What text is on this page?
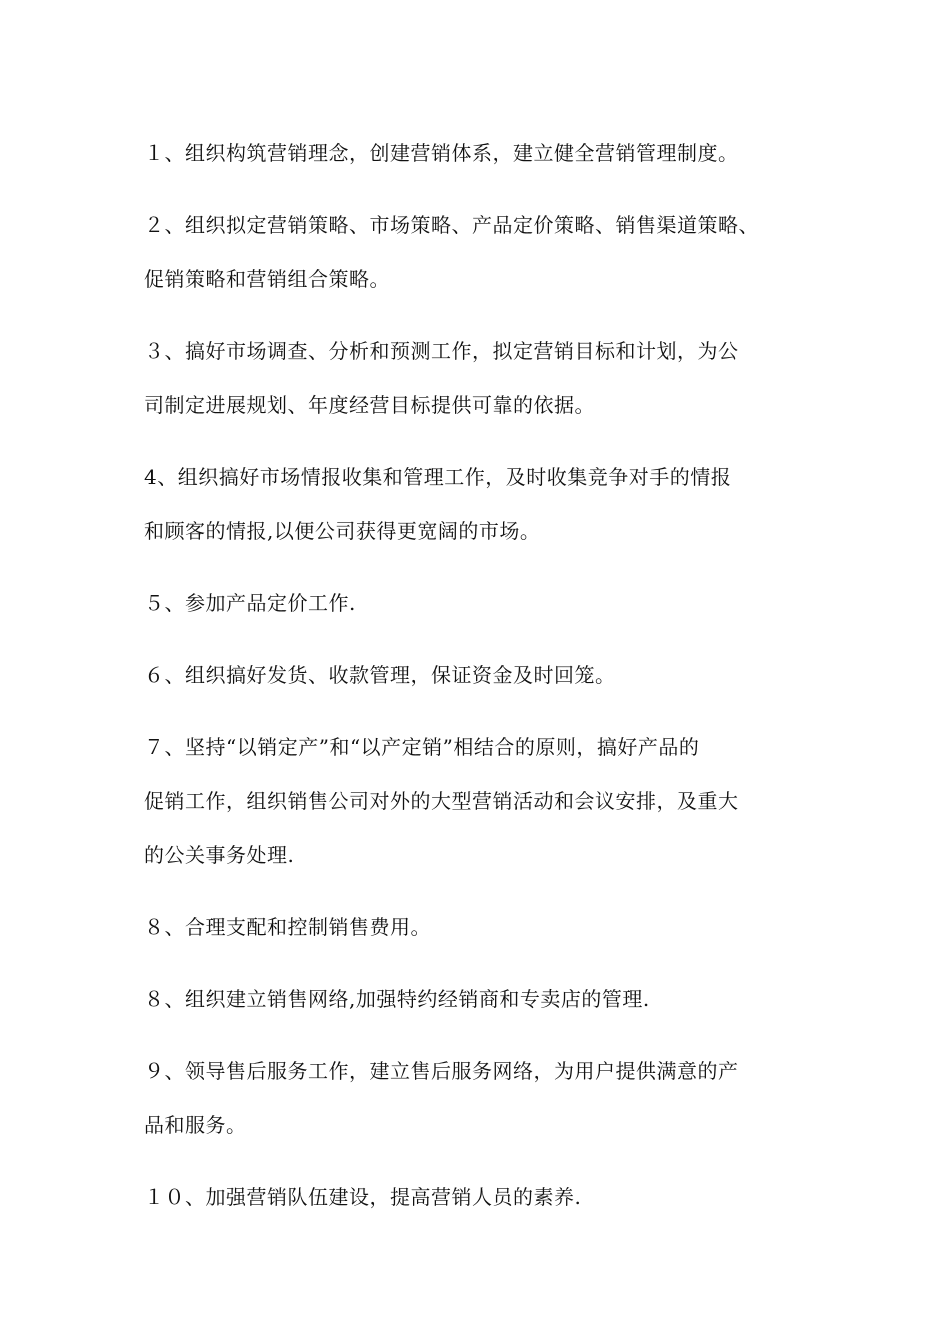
１、组织构筑营销理念，创建营销体系，建立健全营销管理制度。

２、组织拟定营销策略、市场策略、产品定价策略、销售渠道策略、
促销策略和营销组合策略。

３、搞好市场调查、分析和预测工作，拟定营销目标和计划，为公
司制定进展规划、年度经营目标提供可靠的依据。

4、组织搞好市场情报收集和管理工作，及时收集竞争对手的情报
和顾客的情报,以便公司获得更宽阔的市场。

５、参加产品定价工作.

６、组织搞好发货、收款管理，保证资金及时回笼。

７、坚持“以销定产”和“以产定销”相结合的原则，搞好产品的
促销工作，组织销售公司对外的大型营销活动和会议安排，及重大
的公关事务处理.

８、合理支配和控制销售费用。

８、组织建立销售网络,加强特约经销商和专卖店的管理.

９、领导售后服务工作，建立售后服务网络，为用户提供满意的产
品和服务。

１０、加强营销队伍建设，提高营销人员的素养.
